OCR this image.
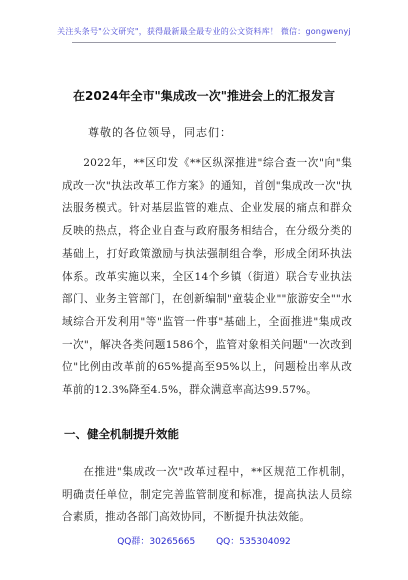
关注头条号"公文研究"，获得最新最全最专业的公文资料库！ 微信：gongwenyj
在2024年全市"集成改一次"推进会上的汇报发言
尊敬的各位领导，同志们：
2022年，**区印发《**区纵深推进"综合查一次"向"集成改一次"执法改革工作方案》的通知，首创"集成改一次"执法服务模式。针对基层监管的难点、企业发展的痛点和群众反映的热点，将企业自查与政府服务相结合，在分级分类的基础上，打好政策激励与执法强制组合拳，形成全闭环执法体系。改革实施以来，全区14个乡镇（街道）联合专业执法部门、业务主管部门，在创新编制"童装企业""旅游安全""水域综合开发利用"等"监管一件事"基础上，全面推进"集成改一次"，解决各类问题1586个，监管对象相关问题"一次改到位"比例由改革前的65%提高至95%以上，问题检出率从改革前的12.3%降至4.5%，群众满意率高达99.57%。
一、健全机制提升效能
在推进"集成改一次"改革过程中，**区规范工作机制，明确责任单位，制定完善监管制度和标准，提高执法人员综合素质，推动各部门高效协同，不断提升执法效能。
QQ群：30265665 QQ：535304092
